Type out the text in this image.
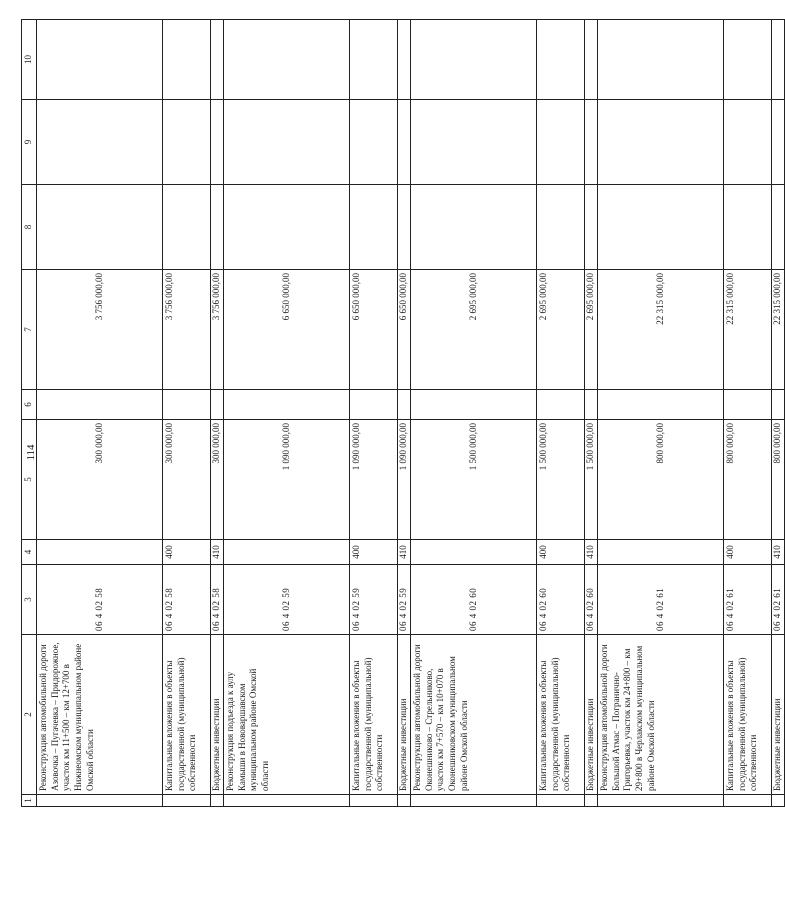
114
1	2	3	4	5	6	7	8	9	10
	Реконструкция автомобильной дороги Азовочка – Пугачевка – Придорожное, участок км 11+500 – км 12+700 в Нижнеомском муниципальном районе Омской области	06 4 02 58		300 000,00		3 756 000,00			
	Капитальные вложения в объекты государственной (муниципальной) собственности	06 4 02 58	400	300 000,00		3 756 000,00			
	Бюджетные инвестиции	06 4 02 58	410	300 000,00		3 756 000,00			
	Реконструкция подъезда к аулу Камыши в Нововаршавском муниципальном районе Омской области	06 4 02 59		1 090 000,00		6 650 000,00			
	Капитальные вложения в объекты государственной (муниципальной) собственности	06 4 02 59	400	1 090 000,00		6 650 000,00			
	Бюджетные инвестиции	06 4 02 59	410	1 090 000,00		6 650 000,00			
	Реконструкция автомобильной дороги Оконешниково – Стрельниково, участок км 7+570 – км 10+070 в Оконешниковском муниципальном районе Омской области	06 4 02 60		1 500 000,00		2 695 000,00			
	Капитальные вложения в объекты государственной (муниципальной) собственности	06 4 02 60	400	1 500 000,00		2 695 000,00			
	Бюджетные инвестиции	06 4 02 60	410	1 500 000,00		2 695 000,00			
	Реконструкция автомобильной дороги Большой Атмас – Погранично-Григорьевка, участок км 24+800 – км 29+800 в Черлакском муниципальном районе Омской области	06 4 02 61		800 000,00		22 315 000,00			
	Капитальные вложения в объекты государственной (муниципальной) собственности	06 4 02 61	400	800 000,00		22 315 000,00			
	Бюджетные инвестиции	06 4 02 61	410	800 000,00		22 315 000,00			
